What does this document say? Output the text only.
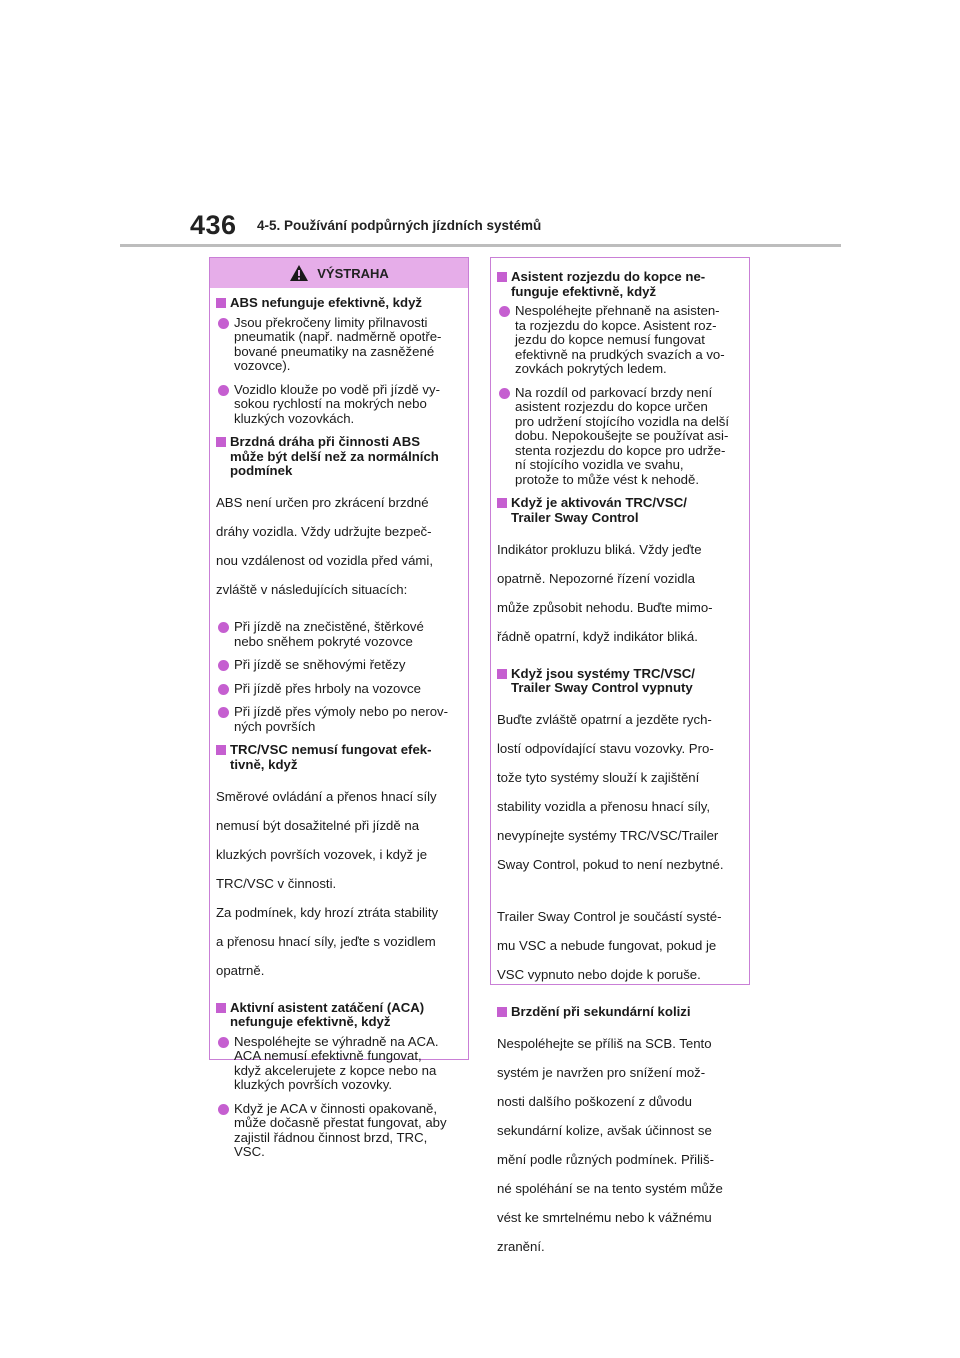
436 4-5. Používání podpůrných jízdních systémů
VÝSTRAHA
ABS nefunguje efektivně, když
Jsou překročeny limity přilnavosti
pneumatik (např. nadměrně opotře-
bované pneumatiky na zasněžené
vozovce).
Vozidlo klouže po vodě při jízdě vy-
sokou rychlostí na mokrých nebo
kluzkých vozovkách.
Brzdná dráha při činnosti ABS
může být delší než za normálních
podmínek

ABS není určen pro zkrácení brzdné

dráhy vozidla. Vždy udržujte bezpeč-

nou vzdálenost od vozidla před vámi,

zvláště v následujících situacích:

Při jízdě na znečistěné, štěrkové
nebo sněhem pokryté vozovce
Při jízdě se sněhovými řetězy
Při jízdě přes hrboly na vozovce
Při jízdě přes výmoly nebo po nerov-
ných površích
TRC/VSC nemusí fungovat efek-
tivně, když

Směrové ovládání a přenos hnací síly

nemusí být dosažitelné při jízdě na

kluzkých površích vozovek, i když je

TRC/VSC v činnosti.

Za podmínek, kdy hrozí ztráta stability

a přenosu hnací síly, jeďte s vozidlem

opatrně.

Aktivní asistent zatáčení (ACA)
nefunguje efektivně, když
Nespoléhejte se výhradně na ACA.
ACA nemusí efektivně fungovat,
když akcelerujete z kopce nebo na
kluzkých površích vozovky.
Když je ACA v činnosti opakovaně,
může dočasně přestat fungovat, aby
zajistil řádnou činnost brzd, TRC,
VSC.
Asistent rozjezdu do kopce ne-
funguje efektivně, když
Nespoléhejte přehnaně na asisten-
ta rozjezdu do kopce. Asistent roz-
jezdu do kopce nemusí fungovat
efektivně na prudkých svazích a vo-
zovkách pokrytých ledem.
Na rozdíl od parkovací brzdy není
asistent rozjezdu do kopce určen
pro udržení stojícího vozidla na delší
dobu. Nepokoušejte se používat asi-
stenta rozjezdu do kopce pro udrže-
ní stojícího vozidla ve svahu,
protože to může vést k nehodě.
Když je aktivován TRC/VSC/
Trailer Sway Control

Indikátor prokluzu bliká. Vždy jeďte

opatrně. Nepozorné řízení vozidla

může způsobit nehodu. Buďte mimo-

řádně opatrní, když indikátor bliká.

Když jsou systémy TRC/VSC/
Trailer Sway Control vypnuty

Buďte zvláště opatrní a jezděte rych-

lostí odpovídající stavu vozovky. Pro-

tože tyto systémy slouží k zajištění

stability vozidla a přenosu hnací síly,

nevypínejte systémy TRC/VSC/Trailer

Sway Control, pokud to není nezbytné.

Trailer Sway Control je součástí systé-

mu VSC a nebude fungovat, pokud je

VSC vypnuto nebo dojde k poruše.

Brzdění při sekundární kolizi

Nespoléhejte se příliš na SCB. Tento

systém je navržen pro snížení mož-

nosti dalšího poškození z důvodu

sekundární kolize, avšak účinnost se

mění podle různých podmínek. Přiliš-

né spoléhání se na tento systém může

vést ke smrtelnému nebo k vážnému

zranění.
